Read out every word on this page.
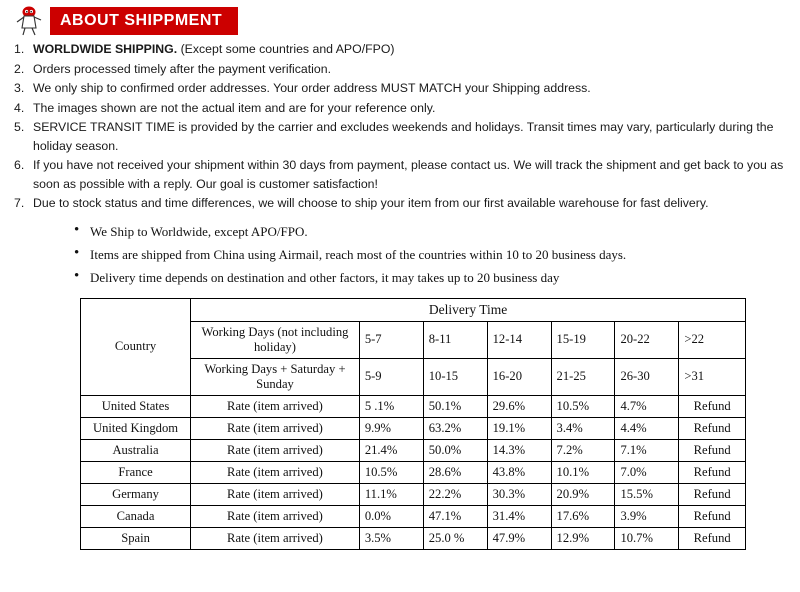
ABOUT SHIPPMENT
1. WORLDWIDE SHIPPING. (Except some countries and APO/FPO)
2. Orders processed timely after the payment verification.
3. We only ship to confirmed order addresses. Your order address MUST MATCH your Shipping address.
4. The images shown are not the actual item and are for your reference only.
5. SERVICE TRANSIT TIME is provided by the carrier and excludes weekends and holidays. Transit times may vary, particularly during the holiday season.
6. If you have not received your shipment within 30 days from payment, please contact us. We will track the shipment and get back to you as soon as possible with a reply. Our goal is customer satisfaction!
7. Due to stock status and time differences, we will choose to ship your item from our first available warehouse for fast delivery.
• We Ship to Worldwide, except APO/FPO.
• Items are shipped from China using Airmail, reach most of the countries within 10 to 20 business days.
• Delivery time depends on destination and other factors, it may takes up to 20 business day
Country	Delivery Time						
	Working Days (not including holiday)	5-7	8-11	12-14	15-19	20-22	>22
	Working Days + Saturday + Sunday	5-9	10-15	16-20	21-25	26-30	>31
United States	Rate (item arrived)	5 .1%	50.1%	29.6%	10.5%	4.7%	Refund
United Kingdom	Rate (item arrived)	9.9%	63.2%	19.1%	3.4%	4.4%	Refund
Australia	Rate (item arrived)	21.4%	50.0%	14.3%	7.2%	7.1%	Refund
France	Rate (item arrived)	10.5%	28.6%	43.8%	10.1%	7.0%	Refund
Germany	Rate (item arrived)	11.1%	22.2%	30.3%	20.9%	15.5%	Refund
Canada	Rate (item arrived)	0.0%	47.1%	31.4%	17.6%	3.9%	Refund
Spain	Rate (item arrived)	3.5%	25.0 %	47.9%	12.9%	10.7%	Refund
